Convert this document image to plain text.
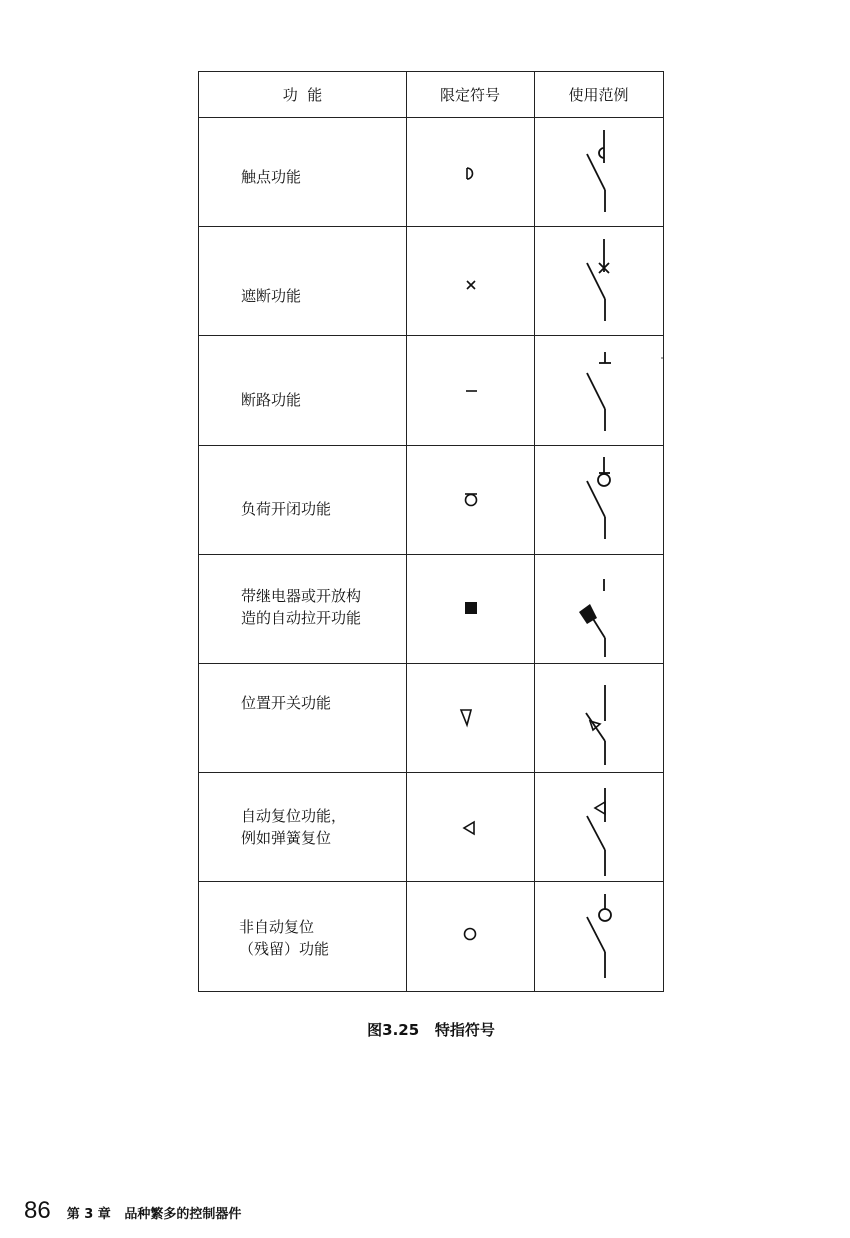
功  能	限定符号	使用范例
触点功能
遮断功能
断路功能
负荷开闭功能
带继电器或开放构
造的自动拉开功能
位置开关功能
自动复位功能，
例如弹簧复位
非自动复位
（残留）功能
图3.25   特指符号
86 第 3 章   品种繁多的控制器件
